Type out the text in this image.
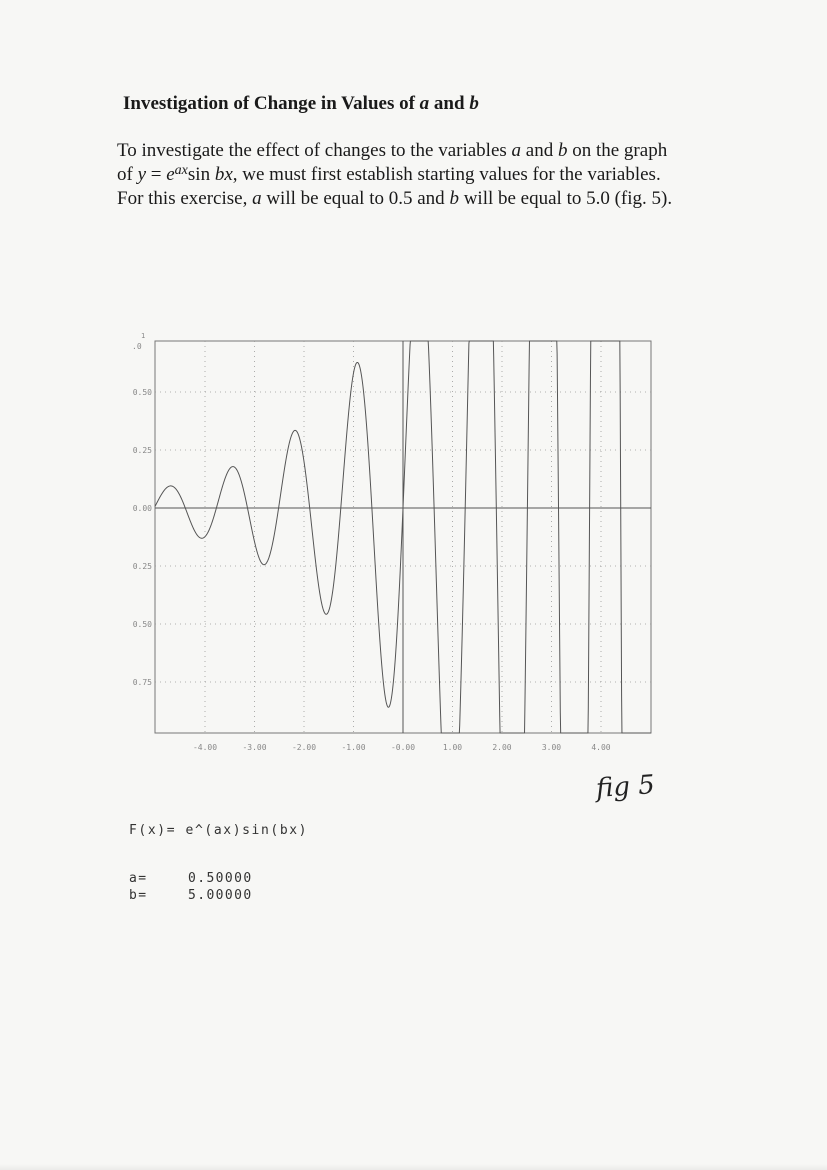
Investigation of Change in Values of a and b

To investigate the effect of changes to the variables a and b on the graph
of $y = e^{ax}\sin$ bx, we must first establish starting values for the variables.
For this exercise, a will be equal to 0.5 and b will be equal to 5.0 (fig. 5).

0.50
0.25
0.00
0.25
0.50
0.75
-4.00	-3.00	-2.00	-1.00	-0.00	1.00	2.00	3.00	4.00
.0
1
fig 5
F(x)= e^(ax)sin(bx)
a=	0.50000
b=	5.00000
